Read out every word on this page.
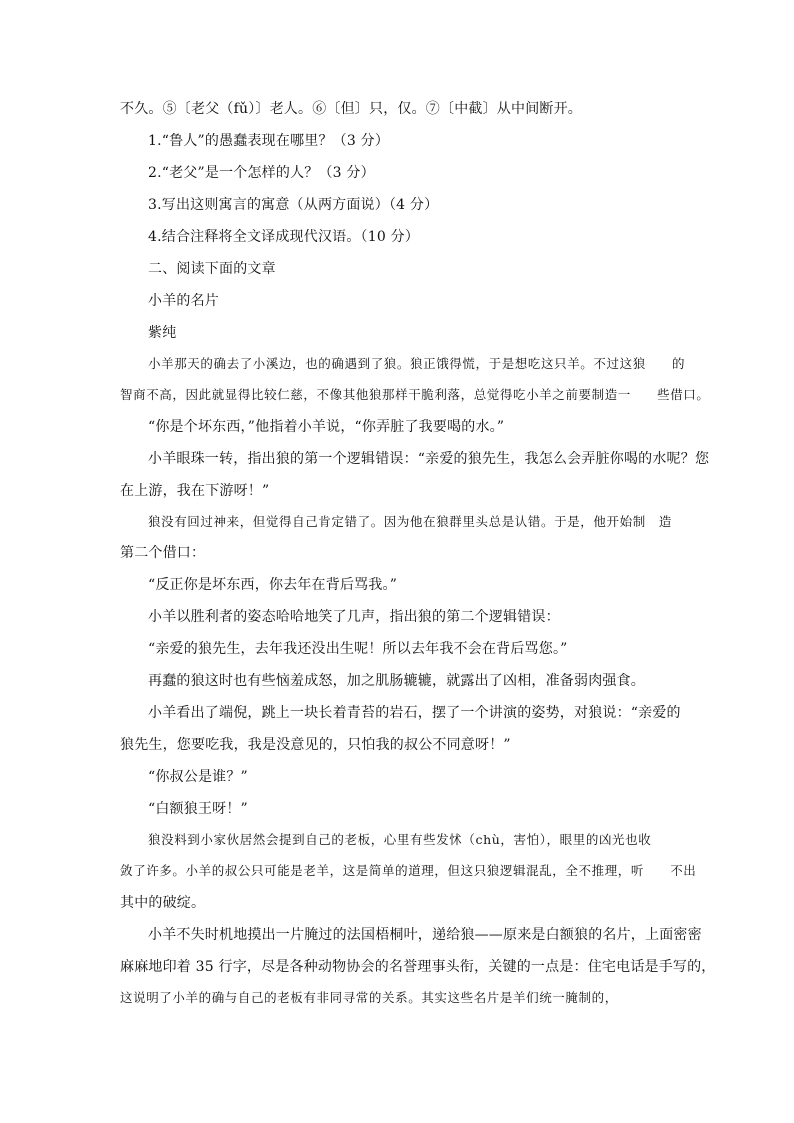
不久。⑤〔老父（fǔ）〕老人。⑥〔但〕只，仅。⑦〔中截〕从中间断开。
1.“鲁人”的愚蠢表现在哪里？（3 分）
2.“老父”是一个怎样的人？（3 分）
3.写出这则寓言的寓意（从两方面说）（4 分）
4.结合注释将全文译成现代汉语。（10 分）
二、阅读下面的文章
小羊的名片
紫纯
小羊那天的确去了小溪边，也的确遇到了狼。狼正饿得慌，于是想吃这只羊。不过这狼　　的
智商不高，因此就显得比较仁慈，不像其他狼那样干脆利落，总觉得吃小羊之前要制造一　　些借口。
“你是个坏东西，”他指着小羊说，“你弄脏了我要喝的水。”
小羊眼珠一转，指出狼的第一个逻辑错误：“亲爱的狼先生，我怎么会弄脏你喝的水呢？您
在上游，我在下游呀！”
狼没有回过神来，但觉得自己肯定错了。因为他在狼群里头总是认错。于是，他开始制　造
第二个借口：
“反正你是坏东西，你去年在背后骂我。”
小羊以胜利者的姿态哈哈地笑了几声，指出狼的第二个逻辑错误：
“亲爱的狼先生，去年我还没出生呢！所以去年我不会在背后骂您。”
再蠢的狼这时也有些恼羞成怒，加之肌肠辘辘，就露出了凶相，准备弱肉强食。
小羊看出了端倪，跳上一块长着青苔的岩石，摆了一个讲演的姿势，对狼说：“亲爱的
狼先生，您要吃我，我是没意见的，只怕我的叔公不同意呀！”
“你叔公是谁？”
“白额狼王呀！”
狼没料到小家伙居然会提到自己的老板，心里有些发怵（chù，害怕），眼里的凶光也收
敛了许多。小羊的叔公只可能是老羊，这是简单的道理，但这只狼逻辑混乱，全不推理，听　　不出
其中的破绽。
小羊不失时机地摸出一片腌过的法国梧桐叶，递给狼——原来是白额狼的名片，上面密密
麻麻地印着 35 行字，尽是各种动物协会的名誉理事头衔，关键的一点是：住宅电话是手写的，
这说明了小羊的确与自己的老板有非同寻常的关系。其实这些名片是羊们统一腌制的，
